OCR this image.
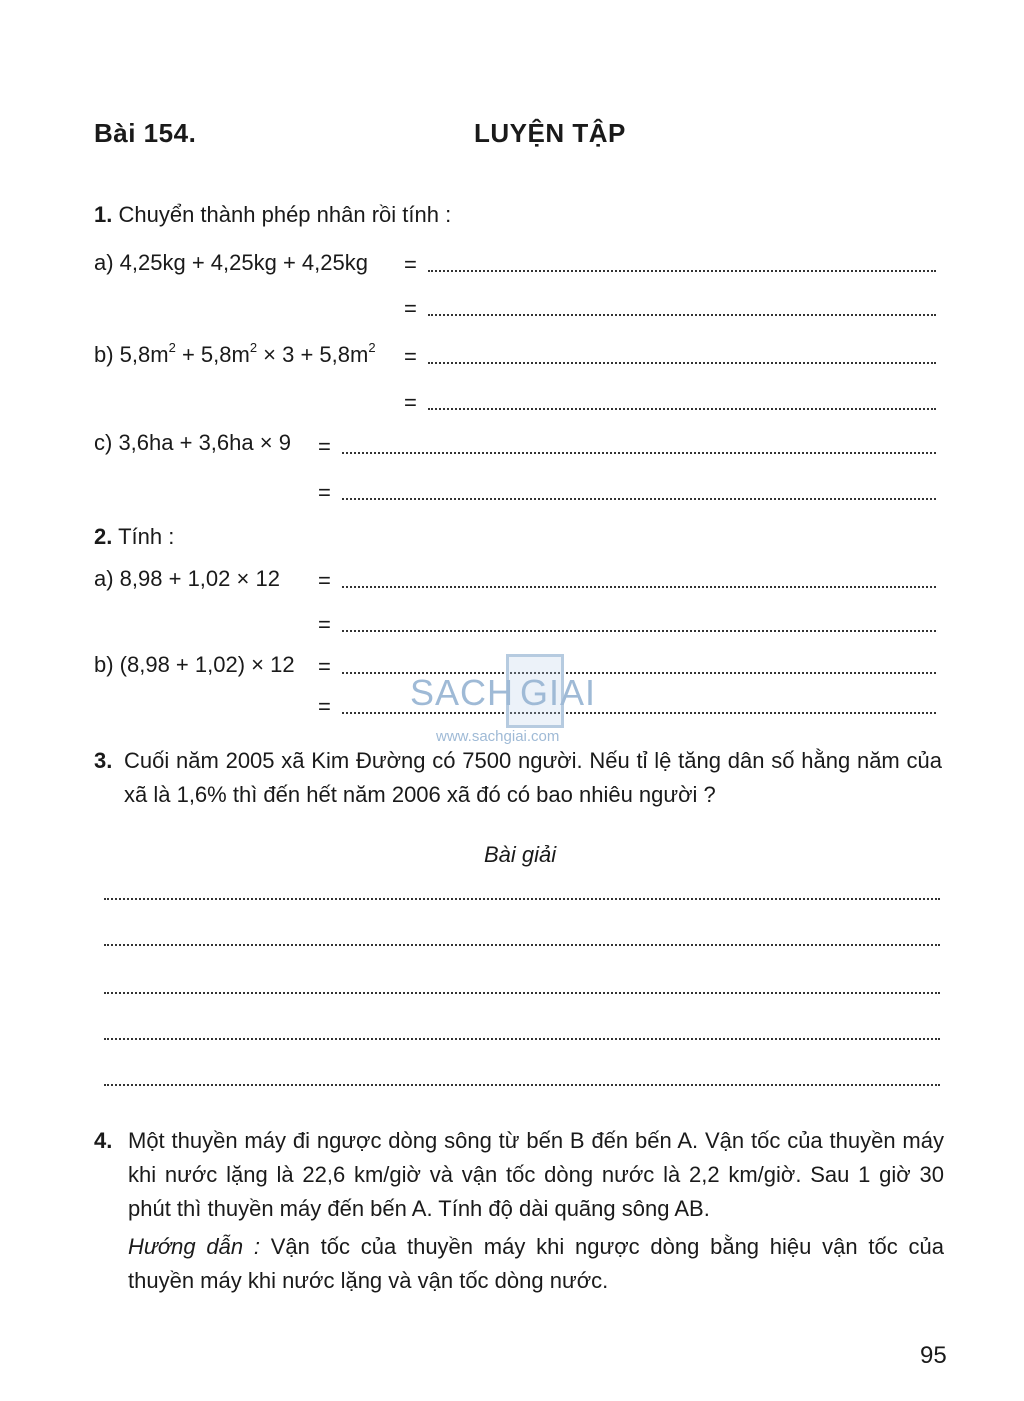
Bài 154.	LUYỆN TẬP
1. Chuyển thành phép nhân rồi tính :
a) 4,25kg + 4,25kg + 4,25kg =
=
b) $5,8m^2 + 5,8m^2 \times 3 + 5,8m^2$ =
=
c) 3,6ha + 3,6ha × 9 =
=
2. Tính :
a) 8,98 + 1,02 × 12 =
=
b) (8,98 + 1,02) × 12 =
= SACH GIAI
www.sachgiai.com
3. Cuối năm 2005 xã Kim Đường có 7500 người. Nếu tỉ lệ tăng dân số hằng năm của xã là 1,6% thì đến hết năm 2006 xã đó có bao nhiêu người ?
Bài giải
4. Một thuyền máy đi ngược dòng sông từ bến B đến bến A. Vận tốc của thuyền máy khi nước lặng là 22,6 km/giờ và vận tốc dòng nước là 2,2 km/giờ. Sau 1 giờ 30 phút thì thuyền máy đến bến A. Tính độ dài quãng sông AB.
Hướng dẫn : Vận tốc của thuyền máy khi ngược dòng bằng hiệu vận tốc của thuyền máy khi nước lặng và vận tốc dòng nước.
95
